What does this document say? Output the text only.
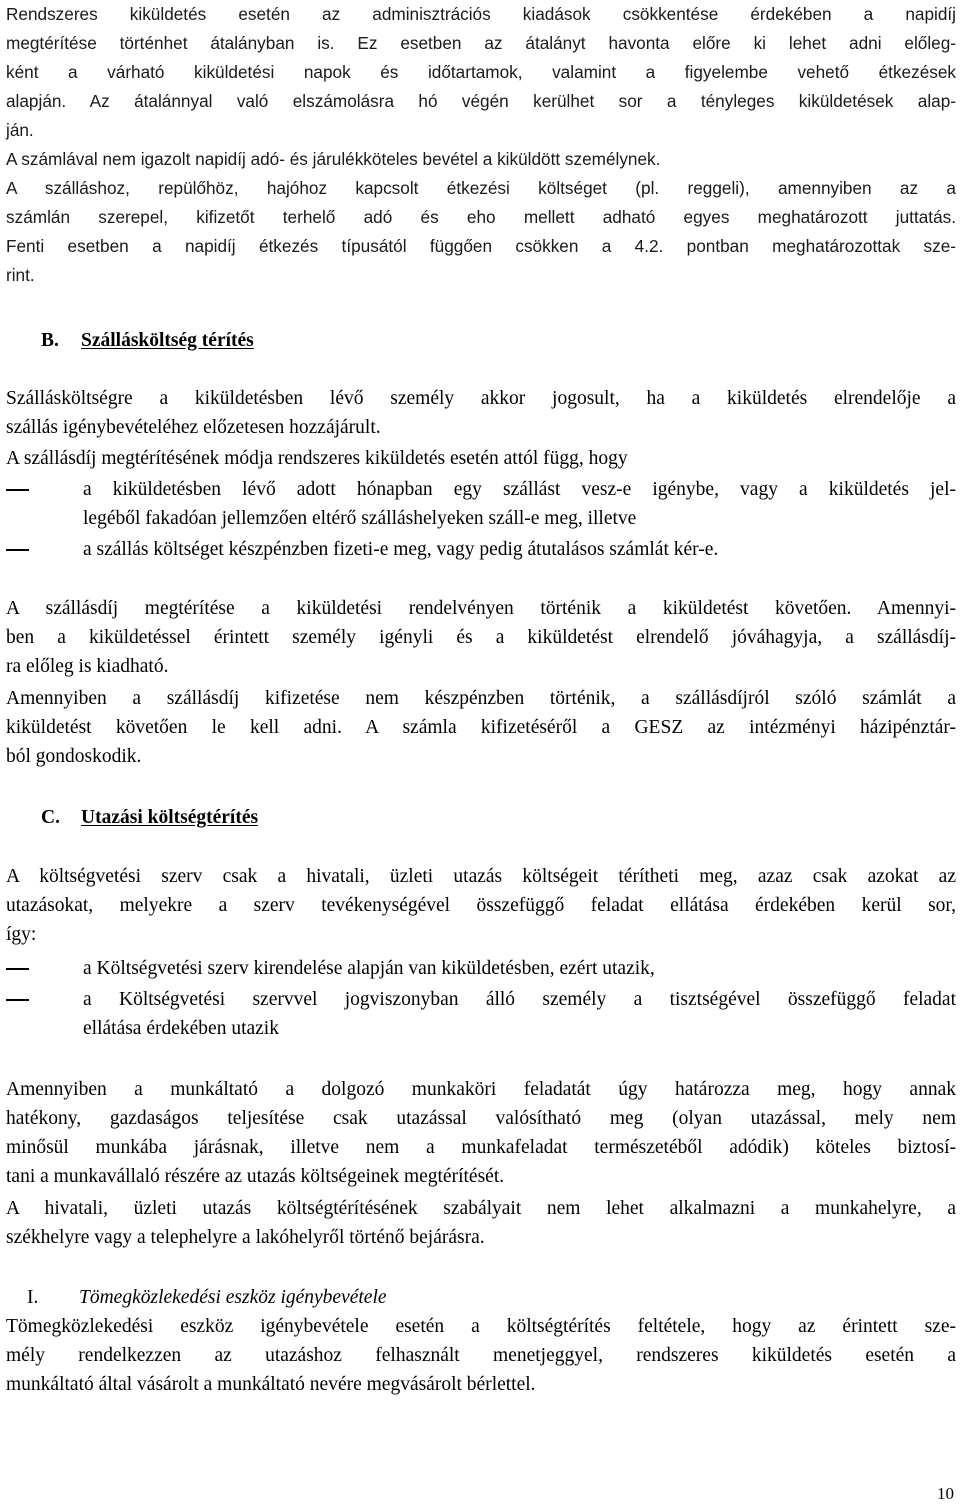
Rendszeres kiküldetés esetén az adminisztrációs kiadások csökkentése érdekében a napidíj
megtérítése történhet átalányban is. Ez esetben az átalányt havonta előre ki lehet adni előleg-
ként a várható kiküldetési napok és időtartamok, valamint a figyelembe vehető étkezések
alapján. Az átalánnyal való elszámolásra hó végén kerülhet sor a tényleges kiküldetések alap-
ján.
A számlával nem igazolt napidíj adó- és járulékköteles bevétel a kiküldött személynek.
A szálláshoz, repülőhöz, hajóhoz kapcsolt étkezési költséget (pl. reggeli), amennyiben az a
számlán szerepel, kifizetőt terhelő adó és eho mellett adható egyes meghatározott juttatás.
Fenti esetben a napidíj étkezés típusától függően csökken a 4.2. pontban meghatározottak sze-
rint.
B. Szállásköltség térítés
Szállásköltségre a kiküldetésben lévő személy akkor jogosult, ha a kiküldetés elrendelője a
szállás igénybevételéhez előzetesen hozzájárult.
A szállásdíj megtérítésének módja rendszeres kiküldetés esetén attól függ, hogy
a kiküldetésben lévő adott hónapban egy szállást vesz-e igénybe, vagy a kiküldetés jel-
legéből fakadóan jellemzően eltérő szálláshelyeken száll-e meg, illetve
a szállás költséget készpénzben fizeti-e meg, vagy pedig átutalásos számlát kér-e.
A szállásdíj megtérítése a kiküldetési rendelvényen történik a kiküldetést követően. Amennyi-
ben a kiküldetéssel érintett személy igényli és a kiküldetést elrendelő jóváhagyja, a szállásdíj-
ra előleg is kiadható.
Amennyiben a szállásdíj kifizetése nem készpénzben történik, a szállásdíjról szóló számlát a
kiküldetést követően le kell adni. A számla kifizetéséről a GESZ az intézményi házipénztár-
ból gondoskodik.
C. Utazási költségtérítés
A költségvetési szerv csak a hivatali, üzleti utazás költségeit térítheti meg, azaz csak azokat az
utazásokat, melyekre a szerv tevékenységével összefüggő feladat ellátása érdekében kerül sor,
így:
a Költségvetési szerv kirendelése alapján van kiküldetésben, ezért utazik,
a Költségvetési szervvel jogviszonyban álló személy a tisztségével összefüggő feladat
ellátása érdekében utazik
Amennyiben a munkáltató a dolgozó munkaköri feladatát úgy határozza meg, hogy annak
hatékony, gazdaságos teljesítése csak utazással valósítható meg (olyan utazással, mely nem
minősül munkába járásnak, illetve nem a munkafeladat természetéből adódik) köteles biztosí-
tani a munkavállaló részére az utazás költségeinek megtérítését.
A hivatali, üzleti utazás költségtérítésének szabályait nem lehet alkalmazni a munkahelyre, a
székhelyre vagy a telephelyre a lakóhelyről történő bejárásra.
I. Tömegközlekedési eszköz igénybevétele
Tömegközlekedési eszköz igénybevétele esetén a költségtérítés feltétele, hogy az érintett sze-
mély rendelkezzen az utazáshoz felhasznált menetjeggyel, rendszeres kiküldetés esetén a
munkáltató által vásárolt a munkáltató nevére megvásárolt bérlettel.
10
